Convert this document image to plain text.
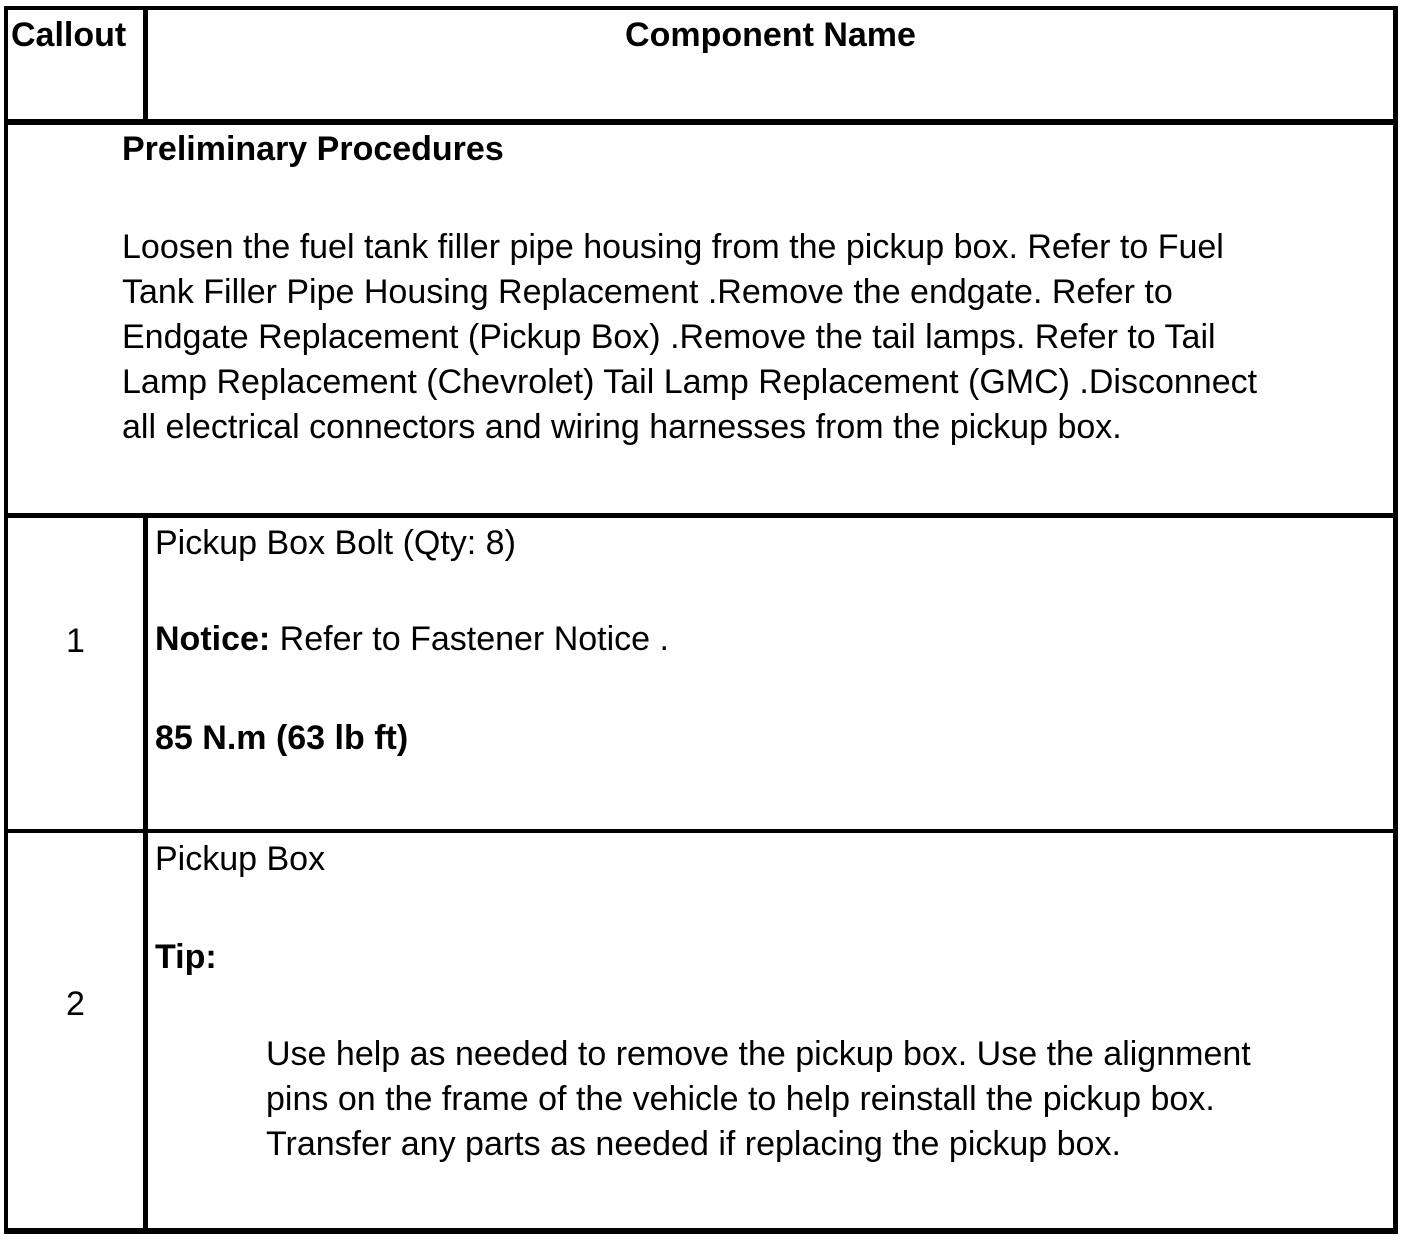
Callout	Component Name
Preliminary Procedures
Loosen the fuel tank filler pipe housing from the pickup box. Refer to Fuel
Tank Filler Pipe Housing Replacement .Remove the endgate. Refer to
Endgate Replacement (Pickup Box) .Remove the tail lamps. Refer to Tail
Lamp Replacement (Chevrolet) Tail Lamp Replacement (GMC) .Disconnect
all electrical connectors and wiring harnesses from the pickup box.
1
Pickup Box Bolt (Qty: 8)
Notice: Refer to Fastener Notice .
85 N.m (63 lb ft)
2
Pickup Box
Tip:
Use help as needed to remove the pickup box. Use the alignment
pins on the frame of the vehicle to help reinstall the pickup box.
Transfer any parts as needed if replacing the pickup box.
